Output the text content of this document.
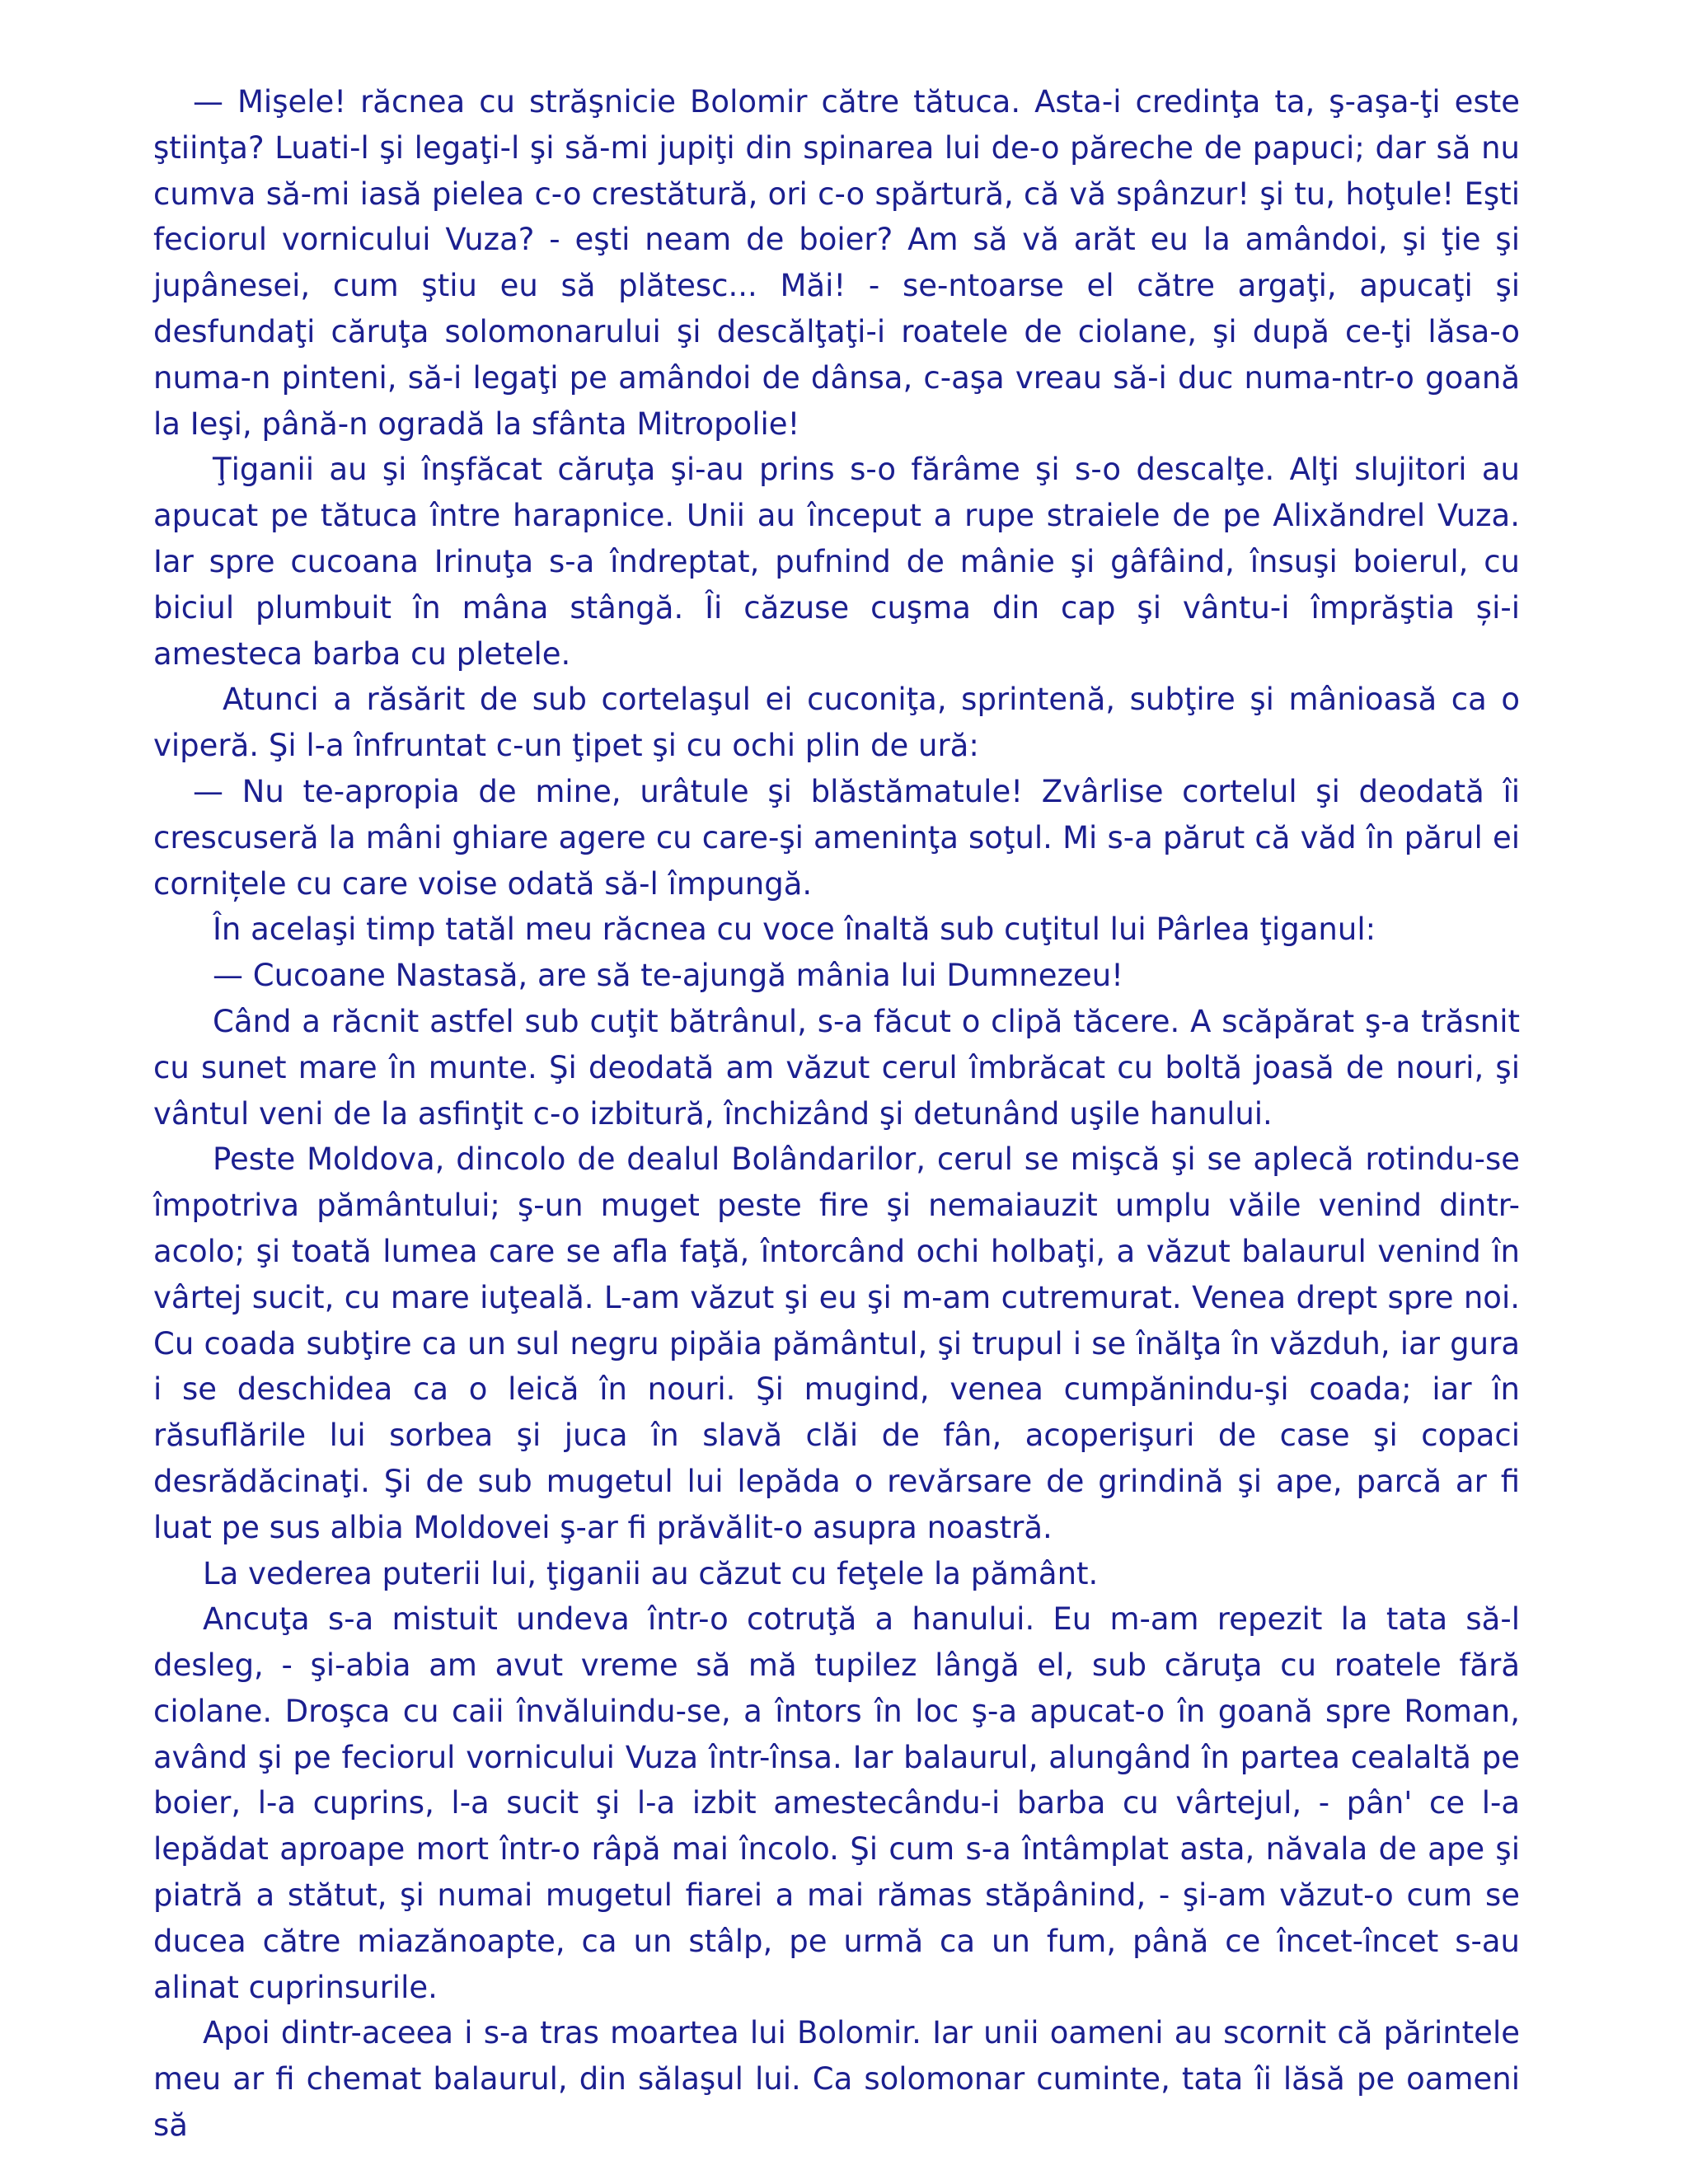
— Mişele! răcnea cu străşnicie Bolomir către tătuca. Asta-i credinţa ta, ş-aşa-ţi este ştiinţa? Luati-l şi legaţi-l şi să-mi jupiţi din spinarea lui de-o păreche de papuci; dar să nu cumva să-mi iasă pielea c-o crestătură, ori c-o spărtură, că vă spânzur! şi tu, hoţule! Eşti feciorul vornicului Vuza? - eşti neam de boier? Am să vă arăt eu la amândoi, şi ţie şi jupânesei, cum ştiu eu să plătesc... Măi! - se-ntoarse el către argaţi, apucaţi şi desfundaţi căruţa solomonarului şi descălţaţi-i roatele de ciolane, şi după ce-ţi lăsa-o numa-n pinteni, să-i legaţi pe amândoi de dânsa, c-aşa vreau să-i duc numa-ntr-o goană la Ieşi, până-n ogradă la sfânta Mitropolie!

Ţiganii au şi înşfăcat căruţa şi-au prins s-o fărâme şi s-o descalţe. Alţi slujitori au apucat pe tătuca între harapnice. Unii au început a rupe straiele de pe Alixăndrel Vuza. Iar spre cucoana Irinuţa s-a îndreptat, pufnind de mânie şi gâfâind, însuşi boierul, cu biciul plumbuit în mâna stângă. Îi căzuse cuşma din cap şi vântu-i împrăştia și-i amesteca barba cu pletele.

Atunci a răsărit de sub cortelaşul ei cuconiţa, sprintenă, subţire şi mânioasă ca o viperă. Şi l-a înfruntat c-un ţipet şi cu ochi plin de ură:

— Nu te-apropia de mine, urâtule şi blăstămatule! Zvârlise cortelul şi deodată îi crescuseră la mâni ghiare agere cu care-şi ameninţa soţul. Mi s-a părut că văd în părul ei cornițele cu care voise odată să-l împungă.

În acelaşi timp tatăl meu răcnea cu voce înaltă sub cuţitul lui Pârlea ţiganul:

— Cucoane Nastasă, are să te-ajungă mânia lui Dumnezeu!

Când a răcnit astfel sub cuţit bătrânul, s-a făcut o clipă tăcere. A scăpărat ş-a trăsnit cu sunet mare în munte. Şi deodată am văzut cerul îmbrăcat cu boltă joasă de nouri, şi vântul veni de la asfinţit c-o izbitură, închizând şi detunând uşile hanului.

Peste Moldova, dincolo de dealul Bolândarilor, cerul se mişcă şi se aplecă rotindu-se împotriva pământului; ş-un muget peste fire şi nemaiauzit umplu văile venind dintr-acolo; şi toată lumea care se afla faţă, întorcând ochi holbaţi, a văzut balaurul venind în vârtej sucit, cu mare iuţeală. L-am văzut şi eu şi m-am cutremurat. Venea drept spre noi. Cu coada subţire ca un sul negru pipăia pământul, şi trupul i se înălţa în văzduh, iar gura i se deschidea ca o leică în nouri. Şi mugind, venea cumpănindu-şi coada; iar în răsuflările lui sorbea şi juca în slavă clăi de fân, acoperişuri de case şi copaci desrădăcinaţi. Şi de sub mugetul lui lepăda o revărsare de grindină şi ape, parcă ar fi luat pe sus albia Moldovei ş-ar fi prăvălit-o asupra noastră.

La vederea puterii lui, ţiganii au căzut cu feţele la pământ.

Ancuţa s-a mistuit undeva într-o cotruţă a hanului. Eu m-am repezit la tata să-l desleg, - şi-abia am avut vreme să mă tupilez lângă el, sub căruţa cu roatele fără ciolane. Droşca cu caii învăluindu-se, a întors în loc ş-a apucat-o în goană spre Roman, având şi pe feciorul vornicului Vuza într-însa. Iar balaurul, alungând în partea cealaltă pe boier, l-a cuprins, l-a sucit şi l-a izbit amestecându-i barba cu vârtejul, - pân' ce l-a lepădat aproape mort într-o râpă mai încolo. Şi cum s-a întâmplat asta, năvala de ape şi piatră a stătut, şi numai mugetul fiarei a mai rămas stăpânind, - şi-am văzut-o cum se ducea către miazănoapte, ca un stâlp, pe urmă ca un fum, până ce încet-încet s-au alinat cuprinsurile.

Apoi dintr-aceea i s-a tras moartea lui Bolomir. Iar unii oameni au scornit că părintele meu ar fi chemat balaurul, din sălaşul lui. Ca solomonar cuminte, tata îi lăsă pe oameni să
